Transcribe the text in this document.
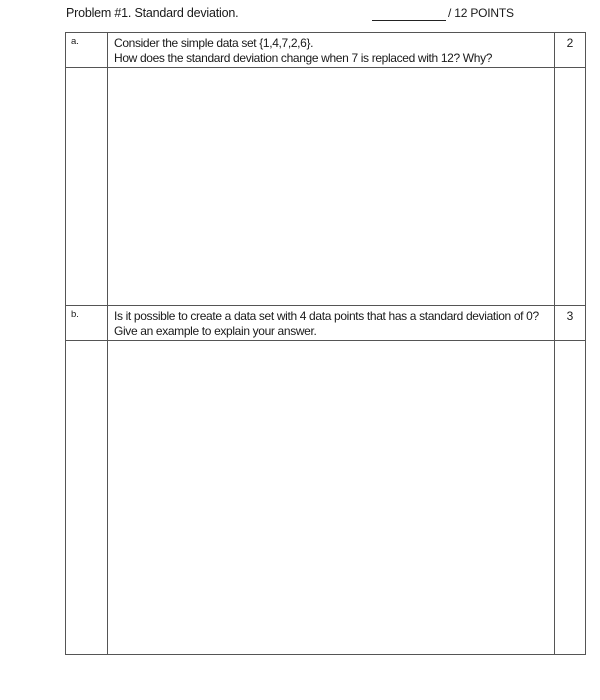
Problem #1. Standard deviation.	/ 12 POINTS
a.	Consider the simple data set {1,4,7,2,6}.
How does the standard deviation change when 7 is replaced with 12? Why?	2

b.	Is it possible to create a data set with 4 data points that has a standard deviation of 0?
Give an example to explain your answer.	3
